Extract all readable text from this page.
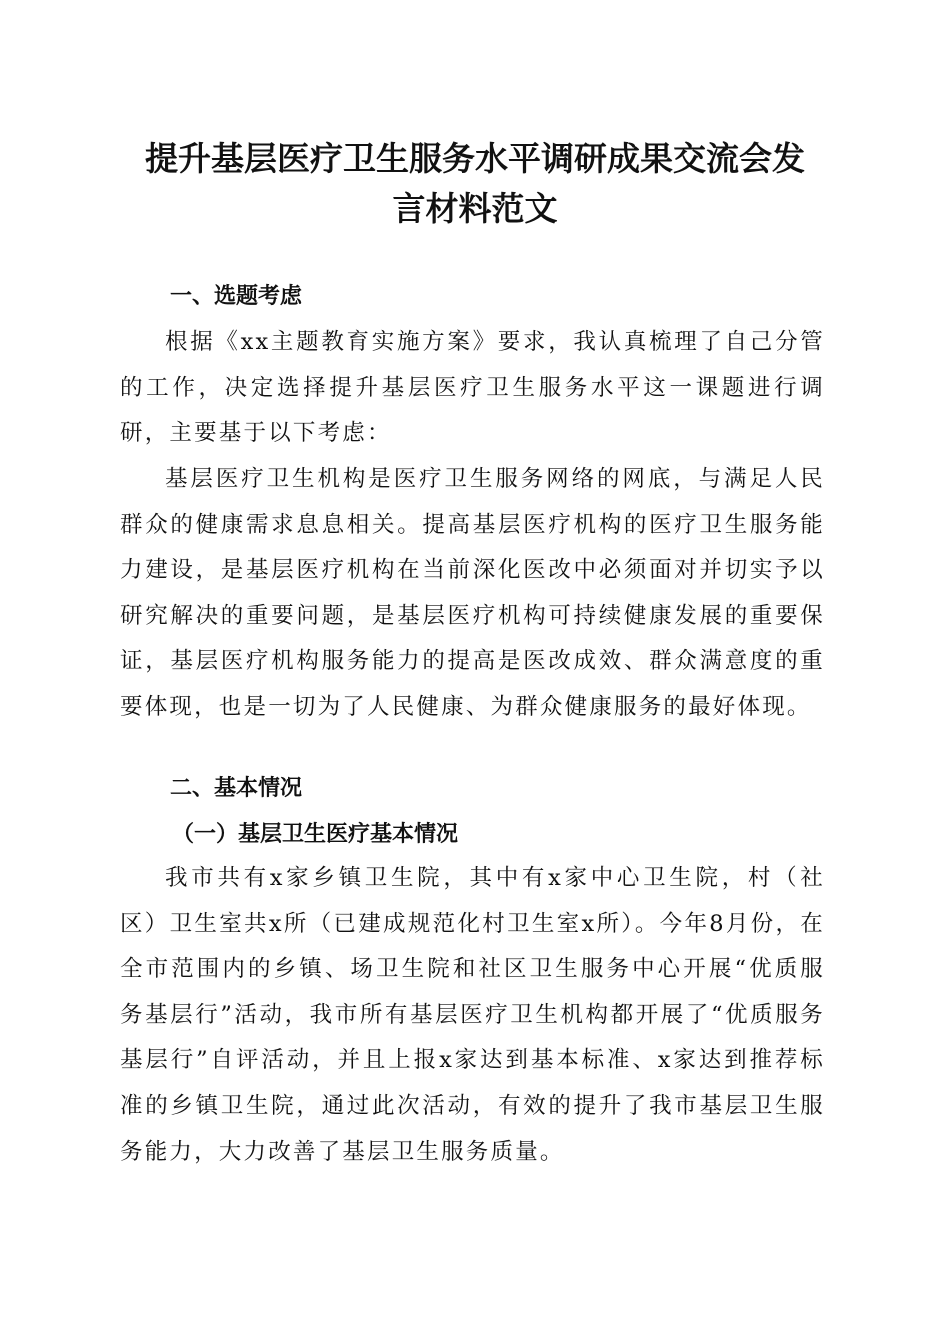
提升基层医疗卫生服务水平调研成果交流会发
言材料范文
一、选题考虑

根据《xx主题教育实施方案》要求，我认真梳理了自己分管的工作，决定选择提升基层医疗卫生服务水平这一课题进行调研，主要基于以下考虑：

基层医疗卫生机构是医疗卫生服务网络的网底，与满足人民群众的健康需求息息相关。提高基层医疗机构的医疗卫生服务能力建设，是基层医疗机构在当前深化医改中必须面对并切实予以研究解决的重要问题，是基层医疗机构可持续健康发展的重要保证，基层医疗机构服务能力的提高是医改成效、群众满意度的重要体现，也是一切为了人民健康、为群众健康服务的最好体现。

二、基本情况
（一）基层卫生医疗基本情况

我市共有x家乡镇卫生院，其中有x家中心卫生院，村（社区）卫生室共x所（已建成规范化村卫生室x所）。今年8月份，在全市范围内的乡镇、场卫生院和社区卫生服务中心开展“优质服务基层行”活动，我市所有基层医疗卫生机构都开展了“优质服务基层行”自评活动，并且上报x家达到基本标准、x家达到推荐标准的乡镇卫生院，通过此次活动，有效的提升了我市基层卫生服务能力，大力改善了基层卫生服务质量。
